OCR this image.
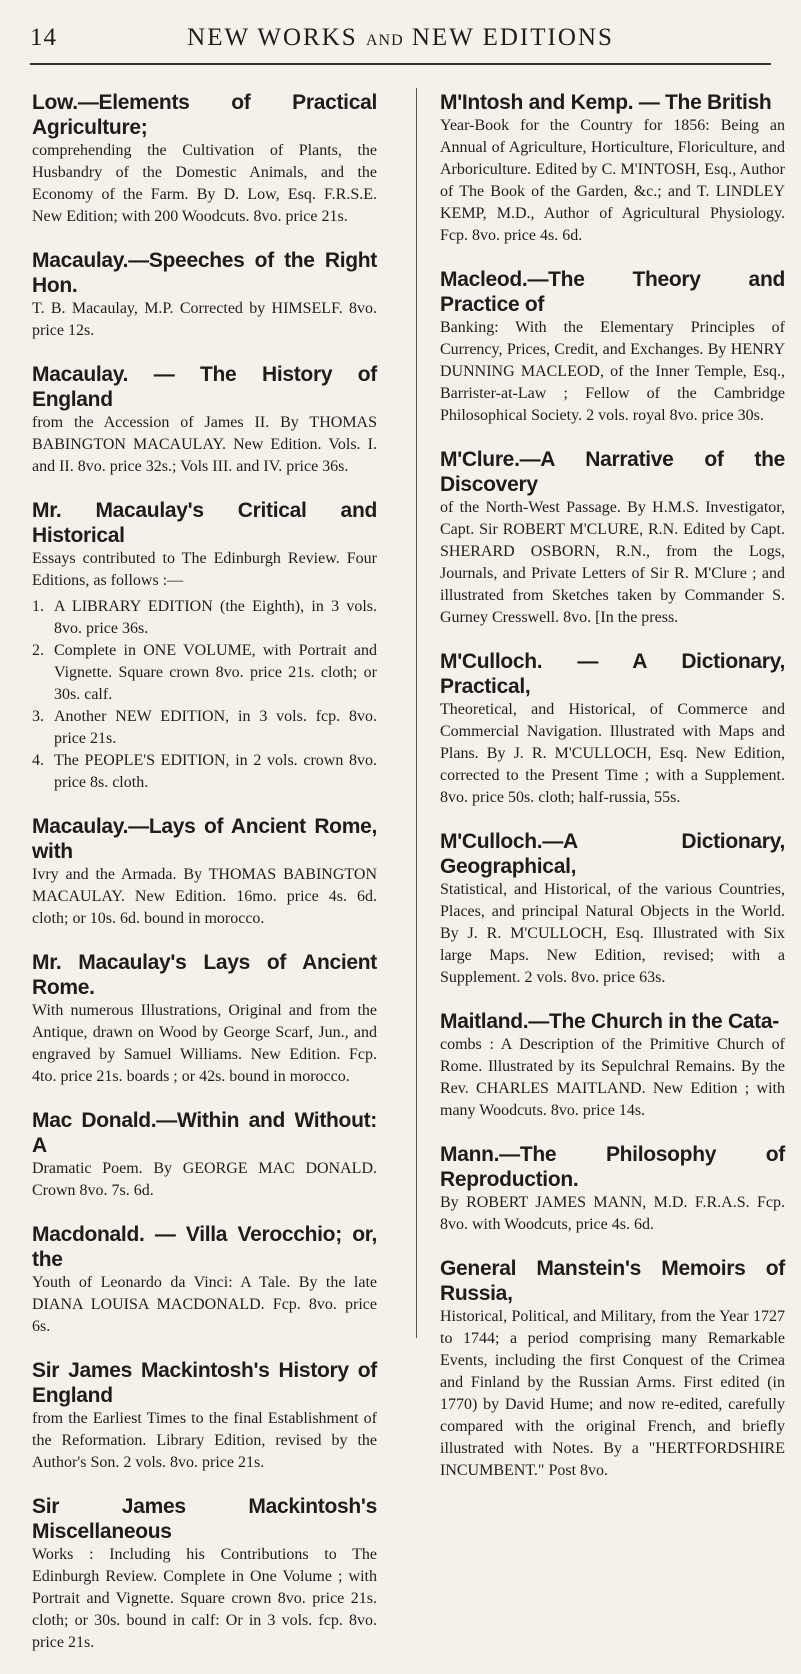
14	NEW WORKS AND NEW EDITIONS
Low.—Elements of Practical Agriculture;
comprehending the Cultivation of Plants, the Husbandry of the Domestic Animals, and the Economy of the Farm. By D. Low, Esq. F.R.S.E. New Edition; with 200 Woodcuts. 8vo. price 21s.
Macaulay.—Speeches of the Right Hon.
T. B. Macaulay, M.P. Corrected by HIMSELF. 8vo. price 12s.
Macaulay. — The History of England
from the Accession of James II. By THOMAS BABINGTON MACAULAY. New Edition. Vols. I. and II. 8vo. price 32s.; Vols III. and IV. price 36s.
Mr. Macaulay's Critical and Historical
Essays contributed to The Edinburgh Review. Four Editions, as follows :—

1. A LIBRARY EDITION (the Eighth), in 3 vols. 8vo. price 36s.

2. Complete in ONE VOLUME, with Portrait and Vignette. Square crown 8vo. price 21s. cloth; or 30s. calf.

3. Another NEW EDITION, in 3 vols. fcp. 8vo. price 21s.

4. The PEOPLE'S EDITION, in 2 vols. crown 8vo. price 8s. cloth.

Macaulay.—Lays of Ancient Rome, with
Ivry and the Armada. By THOMAS BABINGTON MACAULAY. New Edition. 16mo. price 4s. 6d. cloth; or 10s. 6d. bound in morocco.
Mr. Macaulay's Lays of Ancient Rome.
With numerous Illustrations, Original and from the Antique, drawn on Wood by George Scarf, Jun., and engraved by Samuel Williams. New Edition. Fcp. 4to. price 21s. boards ; or 42s. bound in morocco.
Mac Donald.—Within and Without: A
Dramatic Poem. By GEORGE MAC DONALD. Crown 8vo. 7s. 6d.
Macdonald. — Villa Verocchio; or, the
Youth of Leonardo da Vinci: A Tale. By the late DIANA LOUISA MACDONALD. Fcp. 8vo. price 6s.
Sir James Mackintosh's History of England
from the Earliest Times to the final Establishment of the Reformation. Library Edition, revised by the Author's Son. 2 vols. 8vo. price 21s.
Sir James Mackintosh's Miscellaneous
Works : Including his Contributions to The Edinburgh Review. Complete in One Volume ; with Portrait and Vignette. Square crown 8vo. price 21s. cloth; or 30s. bound in calf: Or in 3 vols. fcp. 8vo. price 21s.
M'Intosh and Kemp. — The British
Year-Book for the Country for 1856: Being an Annual of Agriculture, Horticulture, Floriculture, and Arboriculture. Edited by C. M'INTOSH, Esq., Author of The Book of the Garden, &c.; and T. LINDLEY KEMP, M.D., Author of Agricultural Physiology. Fcp. 8vo. price 4s. 6d.
Macleod.—The Theory and Practice of
Banking: With the Elementary Principles of Currency, Prices, Credit, and Exchanges. By HENRY DUNNING MACLEOD, of the Inner Temple, Esq., Barrister-at-Law ; Fellow of the Cambridge Philosophical Society. 2 vols. royal 8vo. price 30s.
M'Clure.—A Narrative of the Discovery
of the North-West Passage. By H.M.S. Investigator, Capt. Sir ROBERT M'CLURE, R.N. Edited by Capt. SHERARD OSBORN, R.N., from the Logs, Journals, and Private Letters of Sir R. M'Clure ; and illustrated from Sketches taken by Commander S. Gurney Cresswell. 8vo. [In the press.
M'Culloch. — A Dictionary, Practical,
Theoretical, and Historical, of Commerce and Commercial Navigation. Illustrated with Maps and Plans. By J. R. M'CULLOCH, Esq. New Edition, corrected to the Present Time ; with a Supplement. 8vo. price 50s. cloth; half-russia, 55s.
M'Culloch.—A Dictionary, Geographical,
Statistical, and Historical, of the various Countries, Places, and principal Natural Objects in the World. By J. R. M'CULLOCH, Esq. Illustrated with Six large Maps. New Edition, revised; with a Supplement. 2 vols. 8vo. price 63s.
Maitland.—The Church in the Cata-
combs : A Description of the Primitive Church of Rome. Illustrated by its Sepulchral Remains. By the Rev. CHARLES MAITLAND. New Edition ; with many Woodcuts. 8vo. price 14s.
Mann.—The Philosophy of Reproduction.
By ROBERT JAMES MANN, M.D. F.R.A.S. Fcp. 8vo. with Woodcuts, price 4s. 6d.
General Manstein's Memoirs of Russia,
Historical, Political, and Military, from the Year 1727 to 1744; a period comprising many Remarkable Events, including the first Conquest of the Crimea and Finland by the Russian Arms. First edited (in 1770) by David Hume; and now re-edited, carefully compared with the original French, and briefly illustrated with Notes. By a "HERTFORDSHIRE INCUMBENT." Post 8vo.
